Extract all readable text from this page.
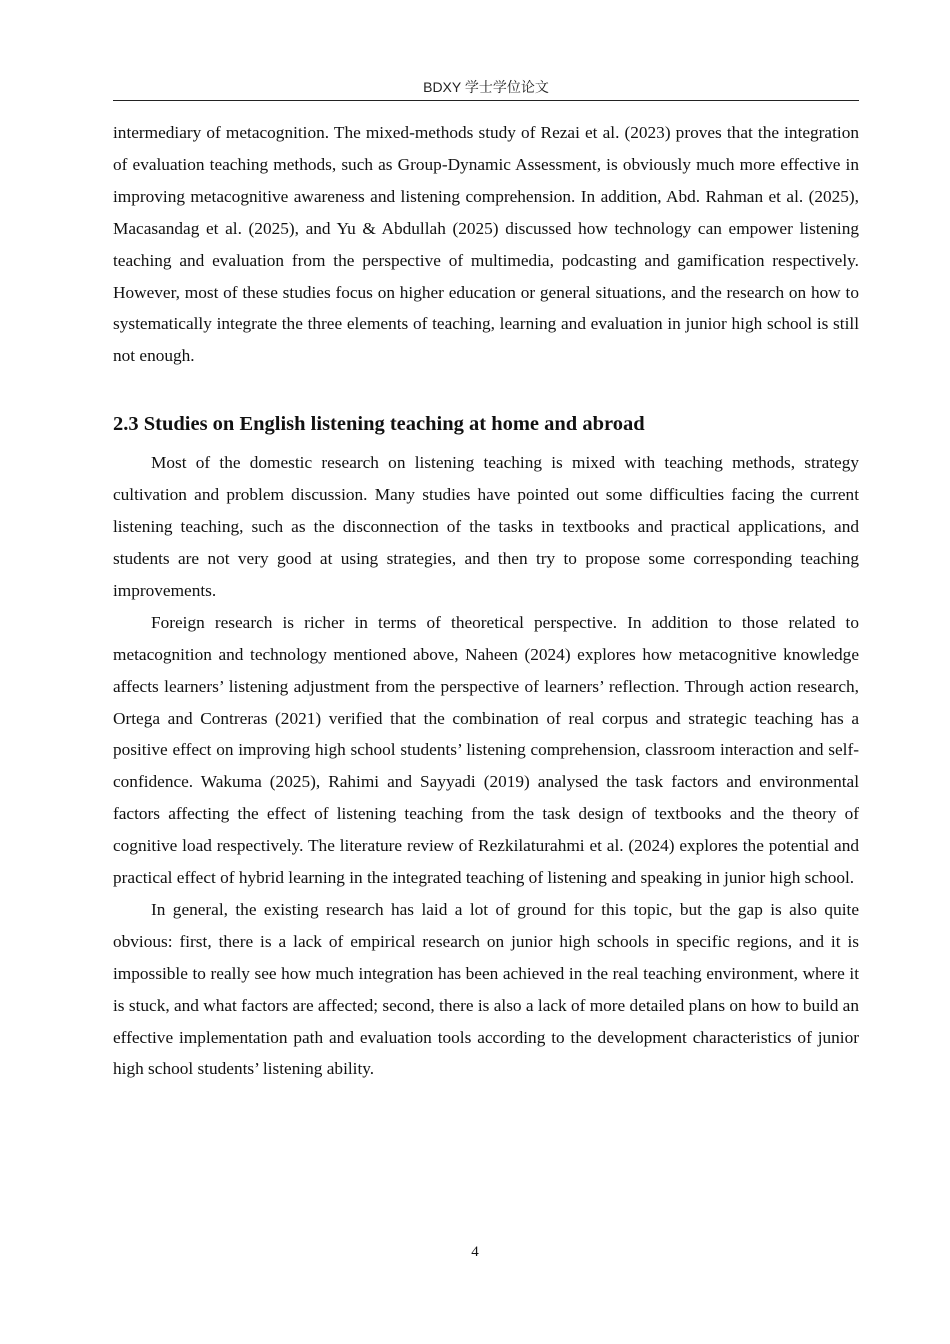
BDXY 学士学位论文

intermediary of metacognition. The mixed-methods study of Rezai et al. (2023) proves that the integration of evaluation teaching methods, such as Group-Dynamic Assessment, is obviously much more effective in improving metacognitive awareness and listening comprehension. In addition, Abd. Rahman et al. (2025), Macasandag et al. (2025), and Yu & Abdullah (2025) discussed how technology can empower listening teaching and evaluation from the perspective of multimedia, podcasting and gamification respectively. However, most of these studies focus on higher education or general situations, and the research on how to systematically integrate the three elements of teaching, learning and evaluation in junior high school is still not enough.

2.3 Studies on English listening teaching at home and abroad

Most of the domestic research on listening teaching is mixed with teaching methods, strategy cultivation and problem discussion. Many studies have pointed out some difficulties facing the current listening teaching, such as the disconnection of the tasks in textbooks and practical applications, and students are not very good at using strategies, and then try to propose some corresponding teaching improvements.

Foreign research is richer in terms of theoretical perspective. In addition to those related to metacognition and technology mentioned above, Naheen (2024) explores how metacognitive knowledge affects learners’ listening adjustment from the perspective of learners’ reflection. Through action research, Ortega and Contreras (2021) verified that the combination of real corpus and strategic teaching has a positive effect on improving high school students’ listening comprehension, classroom interaction and self-confidence. Wakuma (2025), Rahimi and Sayyadi (2019) analysed the task factors and environmental factors affecting the effect of listening teaching from the task design of textbooks and the theory of cognitive load respectively. The literature review of Rezkilaturahmi et al. (2024) explores the potential and practical effect of hybrid learning in the integrated teaching of listening and speaking in junior high school.

In general, the existing research has laid a lot of ground for this topic, but the gap is also quite obvious: first, there is a lack of empirical research on junior high schools in specific regions, and it is impossible to really see how much integration has been achieved in the real teaching environment, where it is stuck, and what factors are affected; second, there is also a lack of more detailed plans on how to build an effective implementation path and evaluation tools according to the development characteristics of junior high school students’ listening ability.

4
